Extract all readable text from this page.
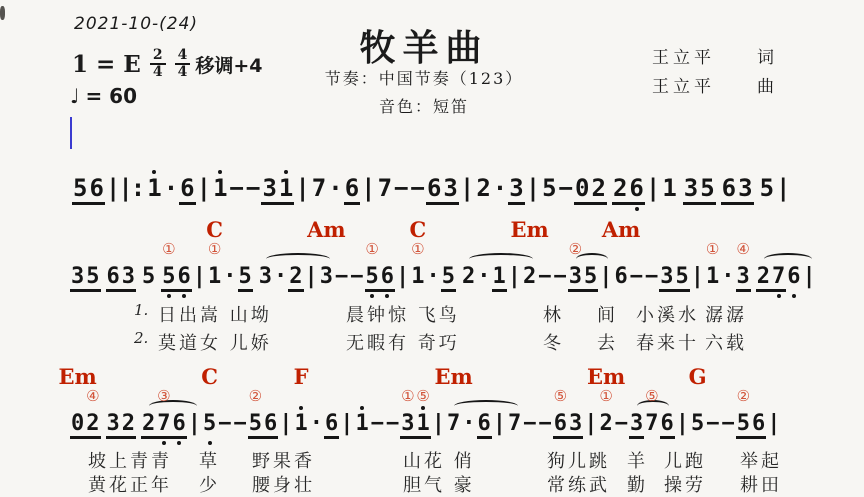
2021-10-(24)
1 = E $\frac{2}{4} \frac{4}{4}$ 移调+4
♩ = 60
牧羊曲
节奏：中国节奏（123）
音色：短笛
王立平　　词
王立平　　曲
5 6 ||: 1 · 6 | 1 − − 3 1 | 7 · 6 | 7 − − 6 3 | 2 · 3 | 5 − 0 2 2 6 | 1 3 5 6 3 5 |
3 5 6 3 5 5
①
6 | 1
C
①
· 5 3 · 2 | 3
Am
− − 5
①
6 | 1
C
①
· 5 2 · 1 | 2
Em
− − 3
②
5 | 6
Am
− − 3 5 | 1
①
· 3
④
2 7 6 |
0
Em
2
④
3 2 2 7
③
6 | 5
C
− − 5
②
6 | 1
F
· 6 | 1 − − 3
①
1
⑤
| 7
Em
· 6 | 7 − − 6
⑤
3 | 2
Em
①
− 3 7
⑤
6 | 5
G
− − 5
②
6 |
1. 日出嵩 山坳	晨钟惊 飞鸟	林 间 小溪水 潺潺
2. 莫道女 儿娇	无暇有 奇巧	冬 去 春来十 六载
坡上青青 草 野果香	山花 俏	狗儿跳 羊 儿跑 举起
黄花正年 少 腰身壮	胆气 豪	常练武 勤 操劳 耕田
